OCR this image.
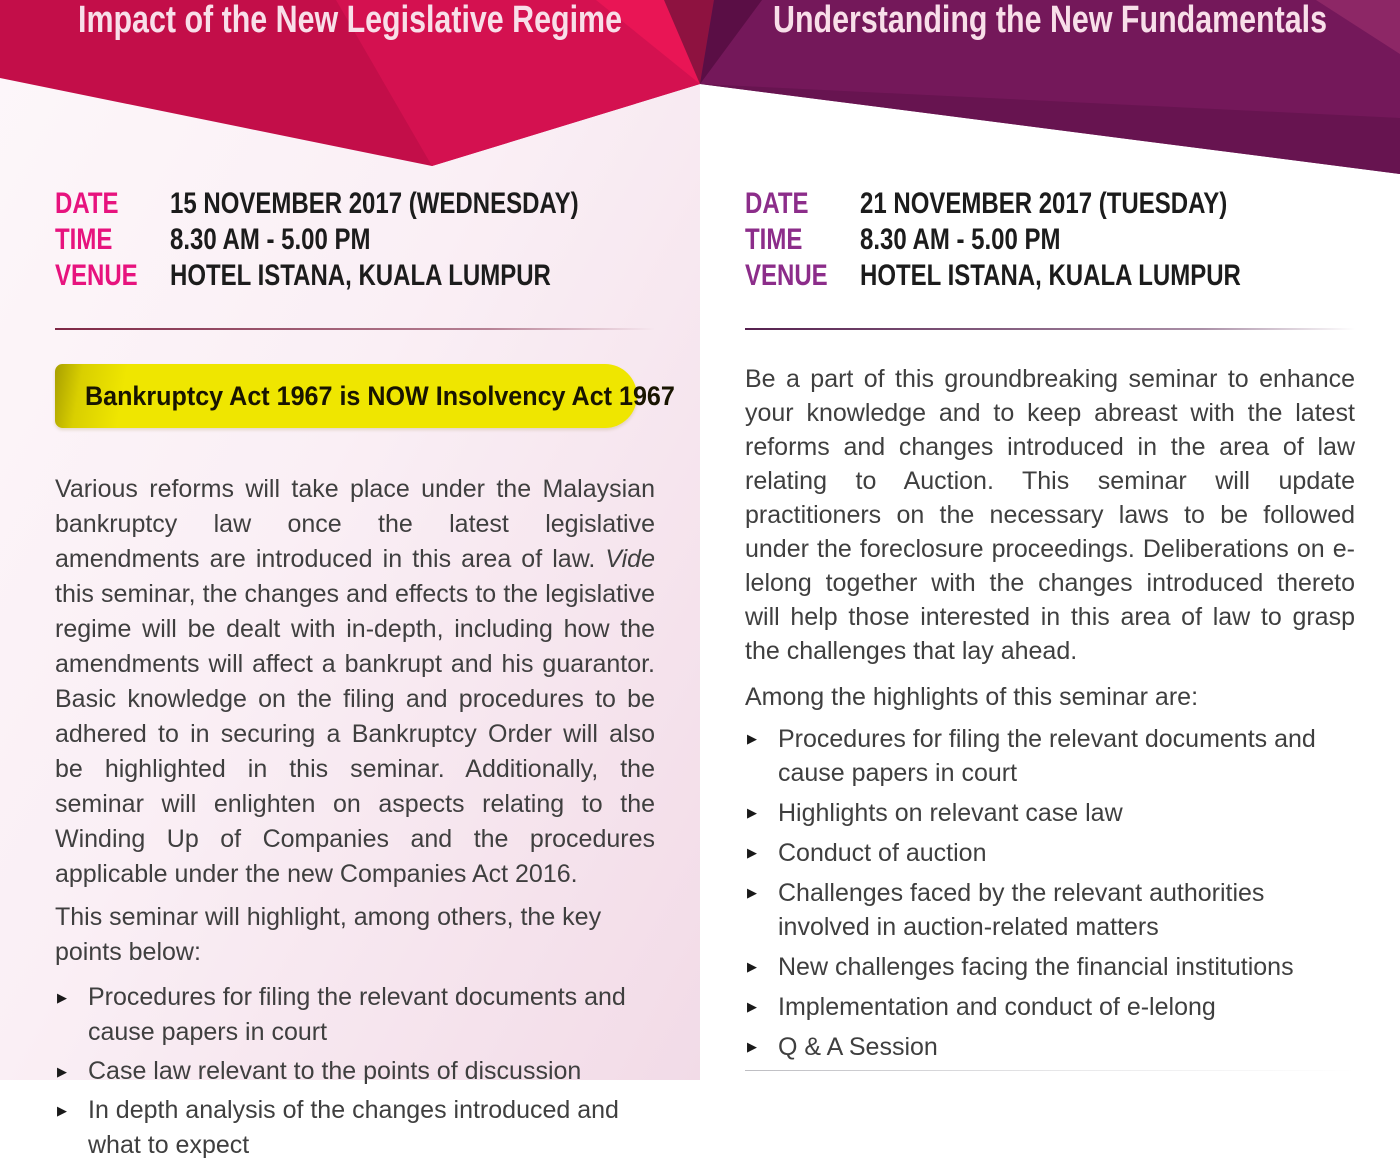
Impact of the New Legislative Regime	Understanding the New Fundamentals
DATE	15 NOVEMBER 2017 (WEDNESDAY)
TIME	8.30 AM - 5.00 PM
VENUE	HOTEL ISTANA, KUALA LUMPUR
Bankruptcy Act 1967 is NOW Insolvency Act 1967

Various reforms will take place under the Malaysian bankruptcy law once the latest legislative amendments are introduced in this area of law. Vide this seminar, the changes and effects to the legislative regime will be dealt with in-depth, including how the amendments will affect a bankrupt and his guarantor. Basic knowledge on the filing and procedures to be adhered to in securing a Bankruptcy Order will also be highlighted in this seminar. Additionally, the seminar will enlighten on aspects relating to the Winding Up of Companies and the procedures applicable under the new Companies Act 2016.

This seminar will highlight, among others, the key points below:

▶ Procedures for filing the relevant documents and cause papers in court
▶ Case law relevant to the points of discussion
▶ In depth analysis of the changes introduced and what to expect
DATE	21 NOVEMBER 2017 (TUESDAY)
TIME	8.30 AM - 5.00 PM
VENUE	HOTEL ISTANA, KUALA LUMPUR

Be a part of this groundbreaking seminar to enhance your knowledge and to keep abreast with the latest reforms and changes introduced in the area of law relating to Auction. This seminar will update practitioners on the necessary laws to be followed under the foreclosure proceedings. Deliberations on e-lelong together with the changes introduced thereto will help those interested in this area of law to grasp the challenges that lay ahead.

Among the highlights of this seminar are:

▶ Procedures for filing the relevant documents and cause papers in court
▶ Highlights on relevant case law
▶ Conduct of auction
▶ Challenges faced by the relevant authorities involved in auction-related matters
▶ New challenges facing the financial institutions
▶ Implementation and conduct of e-lelong
▶ Q & A Session
